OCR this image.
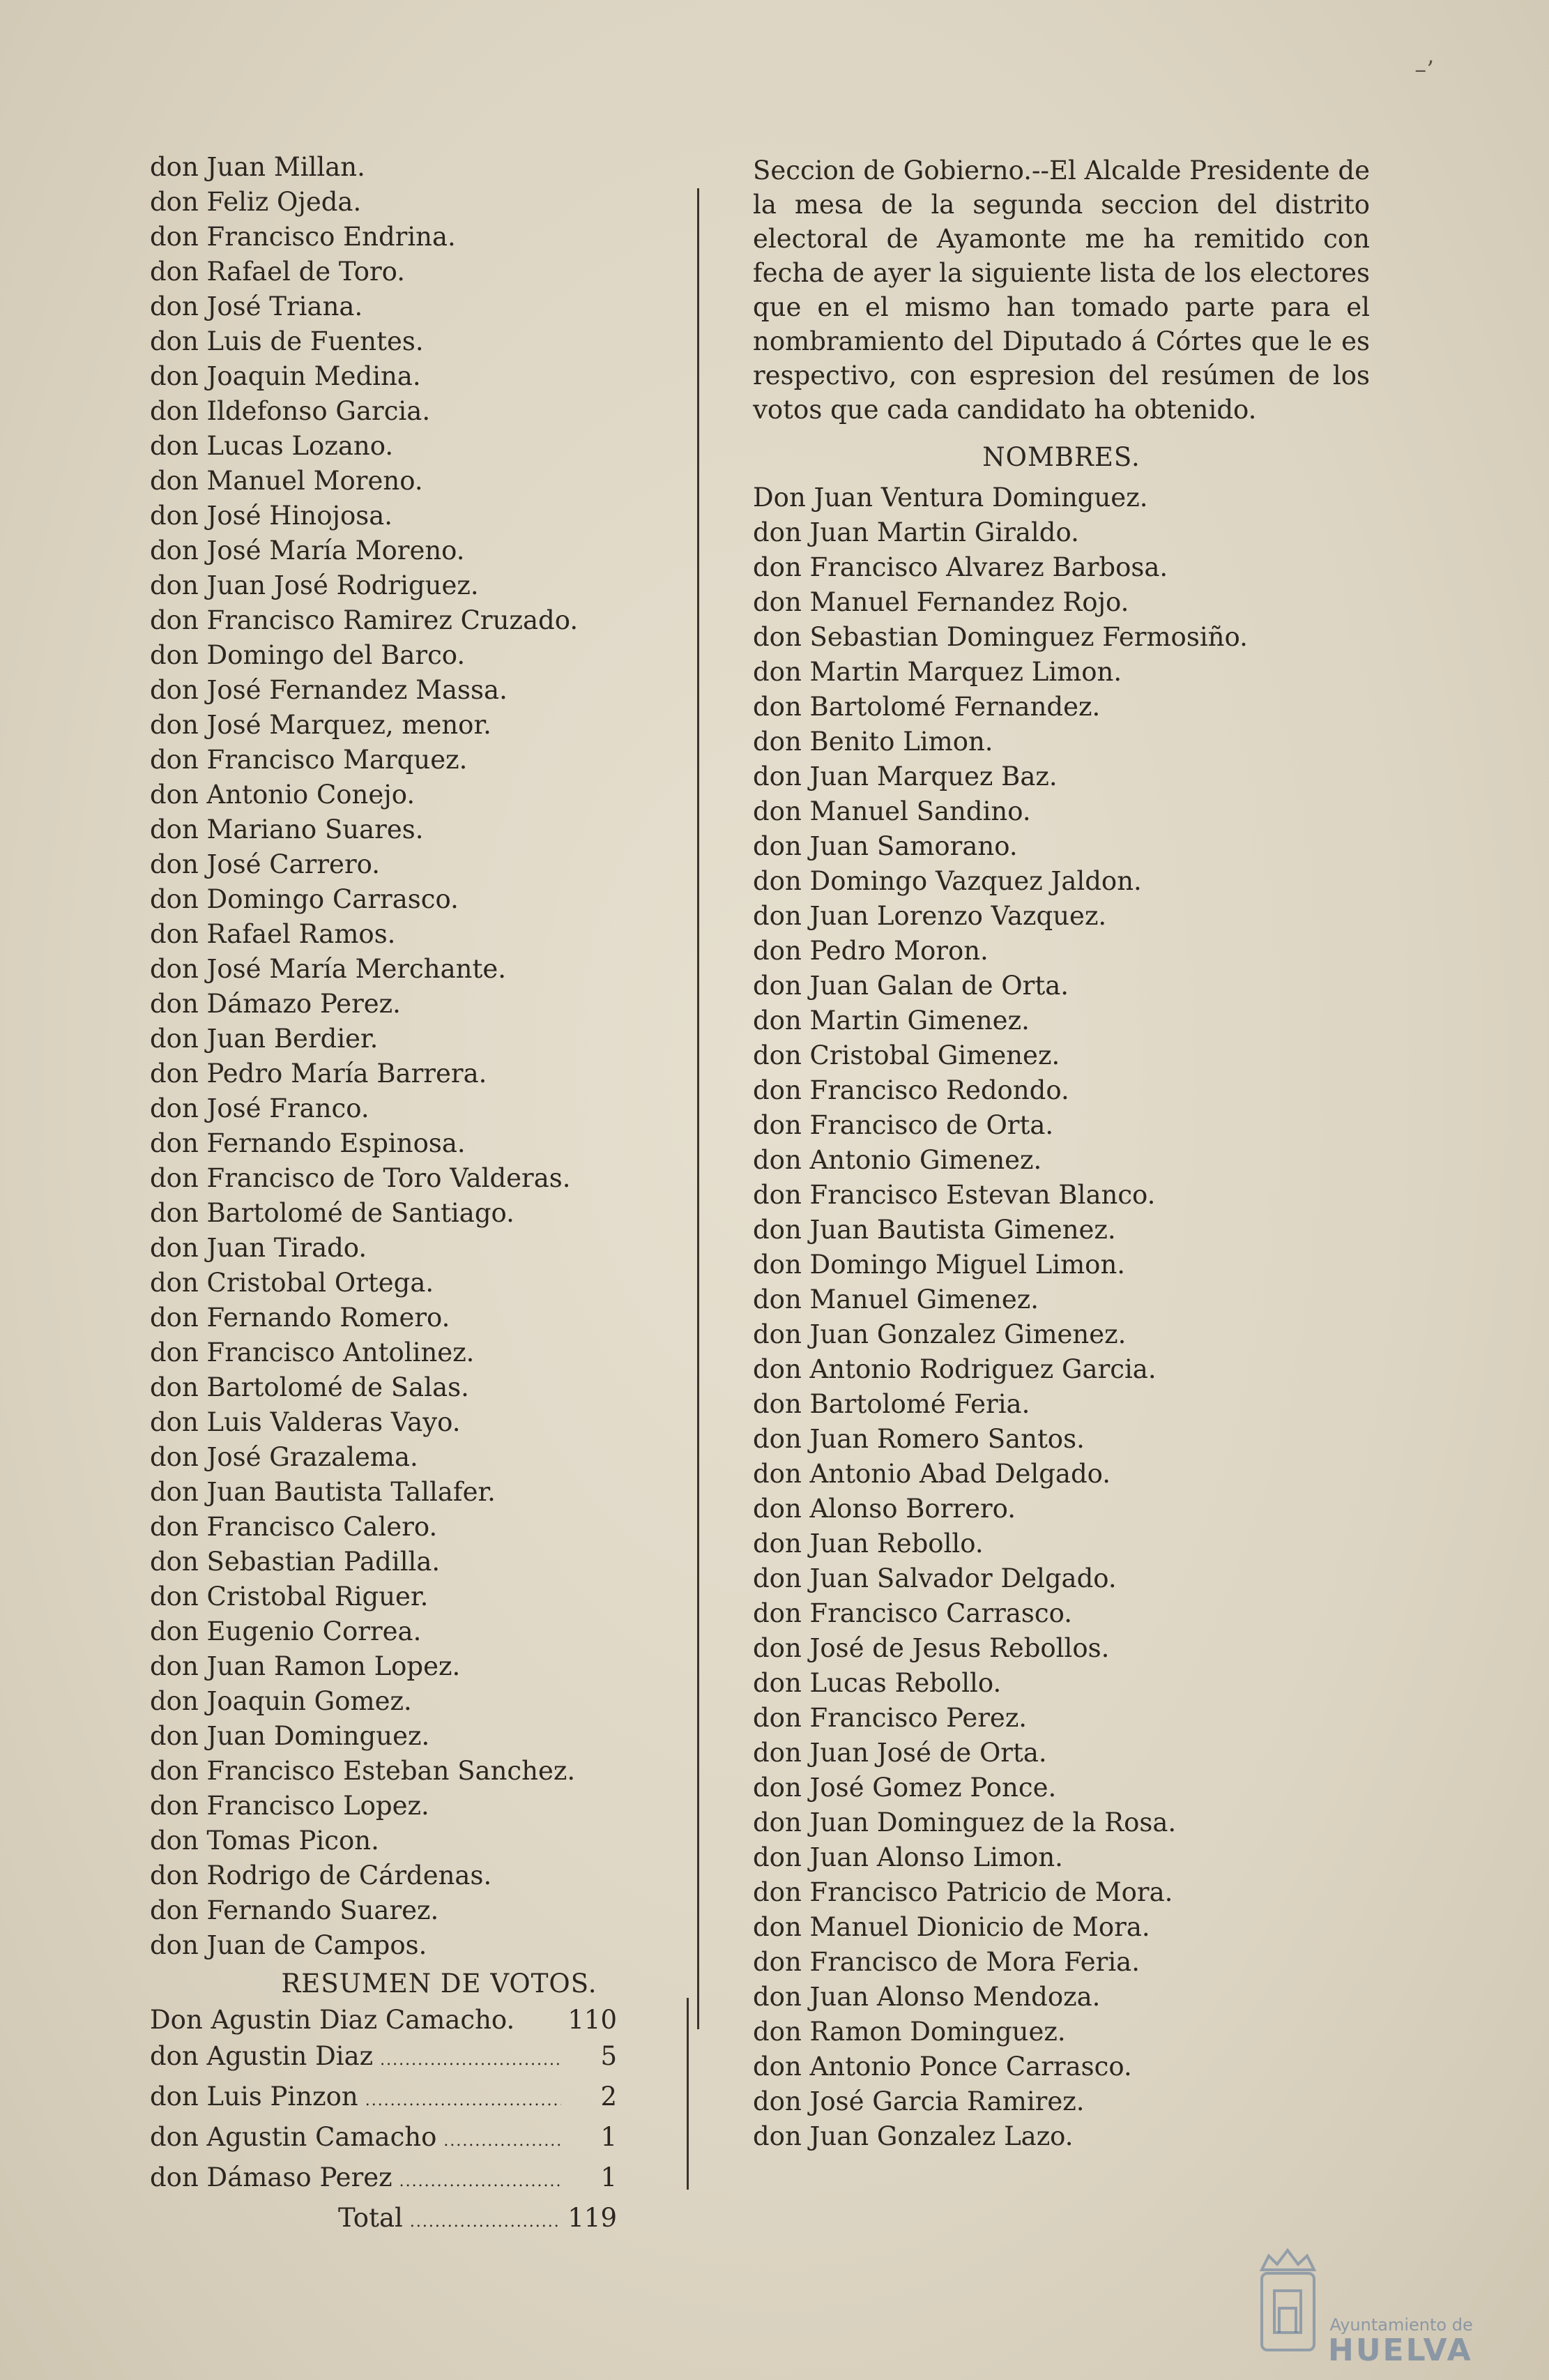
–’
don Juan Millan.
don Feliz Ojeda.
don Francisco Endrina.
don Rafael de Toro.
don José Triana.
don Luis de Fuentes.
don Joaquin Medina.
don Ildefonso Garcia.
don Lucas Lozano.
don Manuel Moreno.
don José Hinojosa.
don José María Moreno.
don Juan José Rodriguez.
don Francisco Ramirez Cruzado.
don Domingo del Barco.
don José Fernandez Massa.
don José Marquez, menor.
don Francisco Marquez.
don Antonio Conejo.
don Mariano Suares.
don José Carrero.
don Domingo Carrasco.
don Rafael Ramos.
don José María Merchante.
don Dámazo Perez.
don Juan Berdier.
don Pedro María Barrera.
don José Franco.
don Fernando Espinosa.
don Francisco de Toro Valderas.
don Bartolomé de Santiago.
don Juan Tirado.
don Cristobal Ortega.
don Fernando Romero.
don Francisco Antolinez.
don Bartolomé de Salas.
don Luis Valderas Vayo.
don José Grazalema.
don Juan Bautista Tallafer.
don Francisco Calero.
don Sebastian Padilla.
don Cristobal Riguer.
don Eugenio Correa.
don Juan Ramon Lopez.
don Joaquin Gomez.
don Juan Dominguez.
don Francisco Esteban Sanchez.
don Francisco Lopez.
don Tomas Picon.
don Rodrigo de Cárdenas.
don Fernando Suarez.
don Juan de Campos.
RESUMEN DE VOTOS.
Don Agustin Diaz Camacho. 110
don Agustin Diaz .....	5
don Luis Pinzon .....	2
don Agustin Camacho .....	1
don Dámaso Perez .....	1
Total .....	119
Seccion de Gobierno.--El Alcalde Presidente de la mesa de la segunda seccion del distrito electoral de Ayamonte me ha remitido con fecha de ayer la siguiente lista de los electores que en el mismo han tomado parte para el nombramiento del Diputado á Córtes que le es respectivo, con espresion del resúmen de los votos que cada candidato ha obtenido.
NOMBRES.
Don Juan Ventura Dominguez.
don Juan Martin Giraldo.
don Francisco Alvarez Barbosa.
don Manuel Fernandez Rojo.
don Sebastian Dominguez Fermosiño.
don Martin Marquez Limon.
don Bartolomé Fernandez.
don Benito Limon.
don Juan Marquez Baz.
don Manuel Sandino.
don Juan Samorano.
don Domingo Vazquez Jaldon.
don Juan Lorenzo Vazquez.
don Pedro Moron.
don Juan Galan de Orta.
don Martin Gimenez.
don Cristobal Gimenez.
don Francisco Redondo.
don Francisco de Orta.
don Antonio Gimenez.
don Francisco Estevan Blanco.
don Juan Bautista Gimenez.
don Domingo Miguel Limon.
don Manuel Gimenez.
don Juan Gonzalez Gimenez.
don Antonio Rodriguez Garcia.
don Bartolomé Feria.
don Juan Romero Santos.
don Antonio Abad Delgado.
don Alonso Borrero.
don Juan Rebollo.
don Juan Salvador Delgado.
don Francisco Carrasco.
don José de Jesus Rebollos.
don Lucas Rebollo.
don Francisco Perez.
don Juan José de Orta.
don José Gomez Ponce.
don Juan Dominguez de la Rosa.
don Juan Alonso Limon.
don Francisco Patricio de Mora.
don Manuel Dionicio de Mora.
don Francisco de Mora Feria.
don Juan Alonso Mendoza.
don Ramon Dominguez.
don Antonio Ponce Carrasco.
don José Garcia Ramirez.
don Juan Gonzalez Lazo.
Ayuntamiento de
HUELVA
